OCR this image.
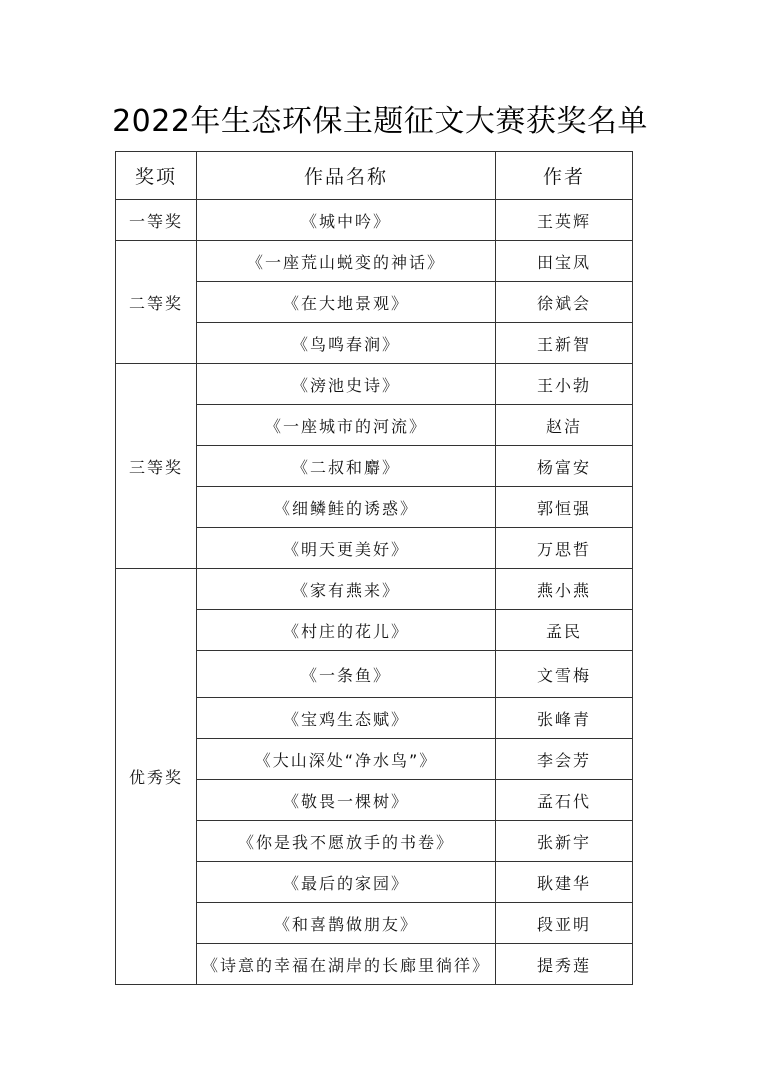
2022年生态环保主题征文大赛获奖名单
奖项	作品名称	作者
一等奖	《城中吟》	王英辉
二等奖	《一座荒山蜕变的神话》	田宝凤
	《在大地景观》	徐斌会
	《鸟鸣春涧》	王新智
三等奖	《滂池史诗》	王小勃
	《一座城市的河流》	赵洁
	《二叔和麝》	杨富安
	《细鳞鲑的诱惑》	郭恒强
	《明天更美好》	万思哲
优秀奖	《家有燕来》	燕小燕
	《村庄的花儿》	孟民
	《一条鱼》	文雪梅
	《宝鸡生态赋》	张峰青
	《大山深处“净水鸟”》	李会芳
	《敬畏一棵树》	孟石代
	《你是我不愿放手的书卷》	张新宇
	《最后的家园》	耿建华
	《和喜鹊做朋友》	段亚明
	《诗意的幸福在湖岸的长廊里徜徉》	提秀莲
